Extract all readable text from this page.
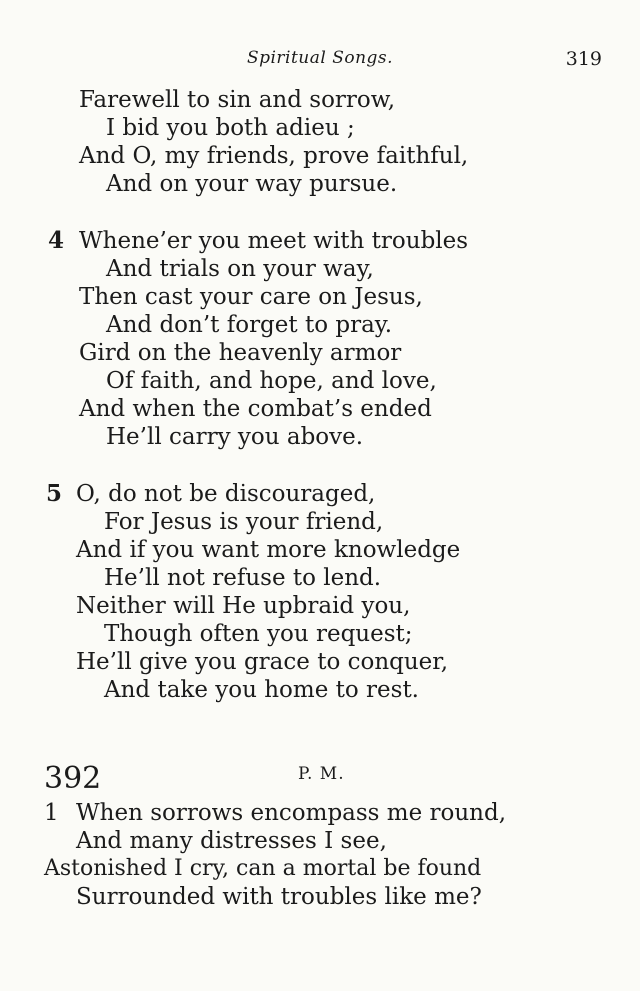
Spiritual Songs.	319
Farewell to sin and sorrow,
I bid you both adieu ;
And O, my friends, prove faithful,
And on your way pursue.
4 Whene’er you meet with troubles
And trials on your way,
Then cast your care on Jesus,
And don’t forget to pray.
Gird on the heavenly armor
Of faith, and hope, and love,
And when the combat’s ended
He’ll carry you above.
5 O, do not be discouraged,
For Jesus is your friend,
And if you want more knowledge
He’ll not refuse to lend.
Neither will He upbraid you,
Though often you request;
He’ll give you grace to conquer,
And take you home to rest.
392	P. M.
1 When sorrows encompass me round,
And many distresses I see,
Astonished I cry, can a mortal be found
Surrounded with troubles like me?
